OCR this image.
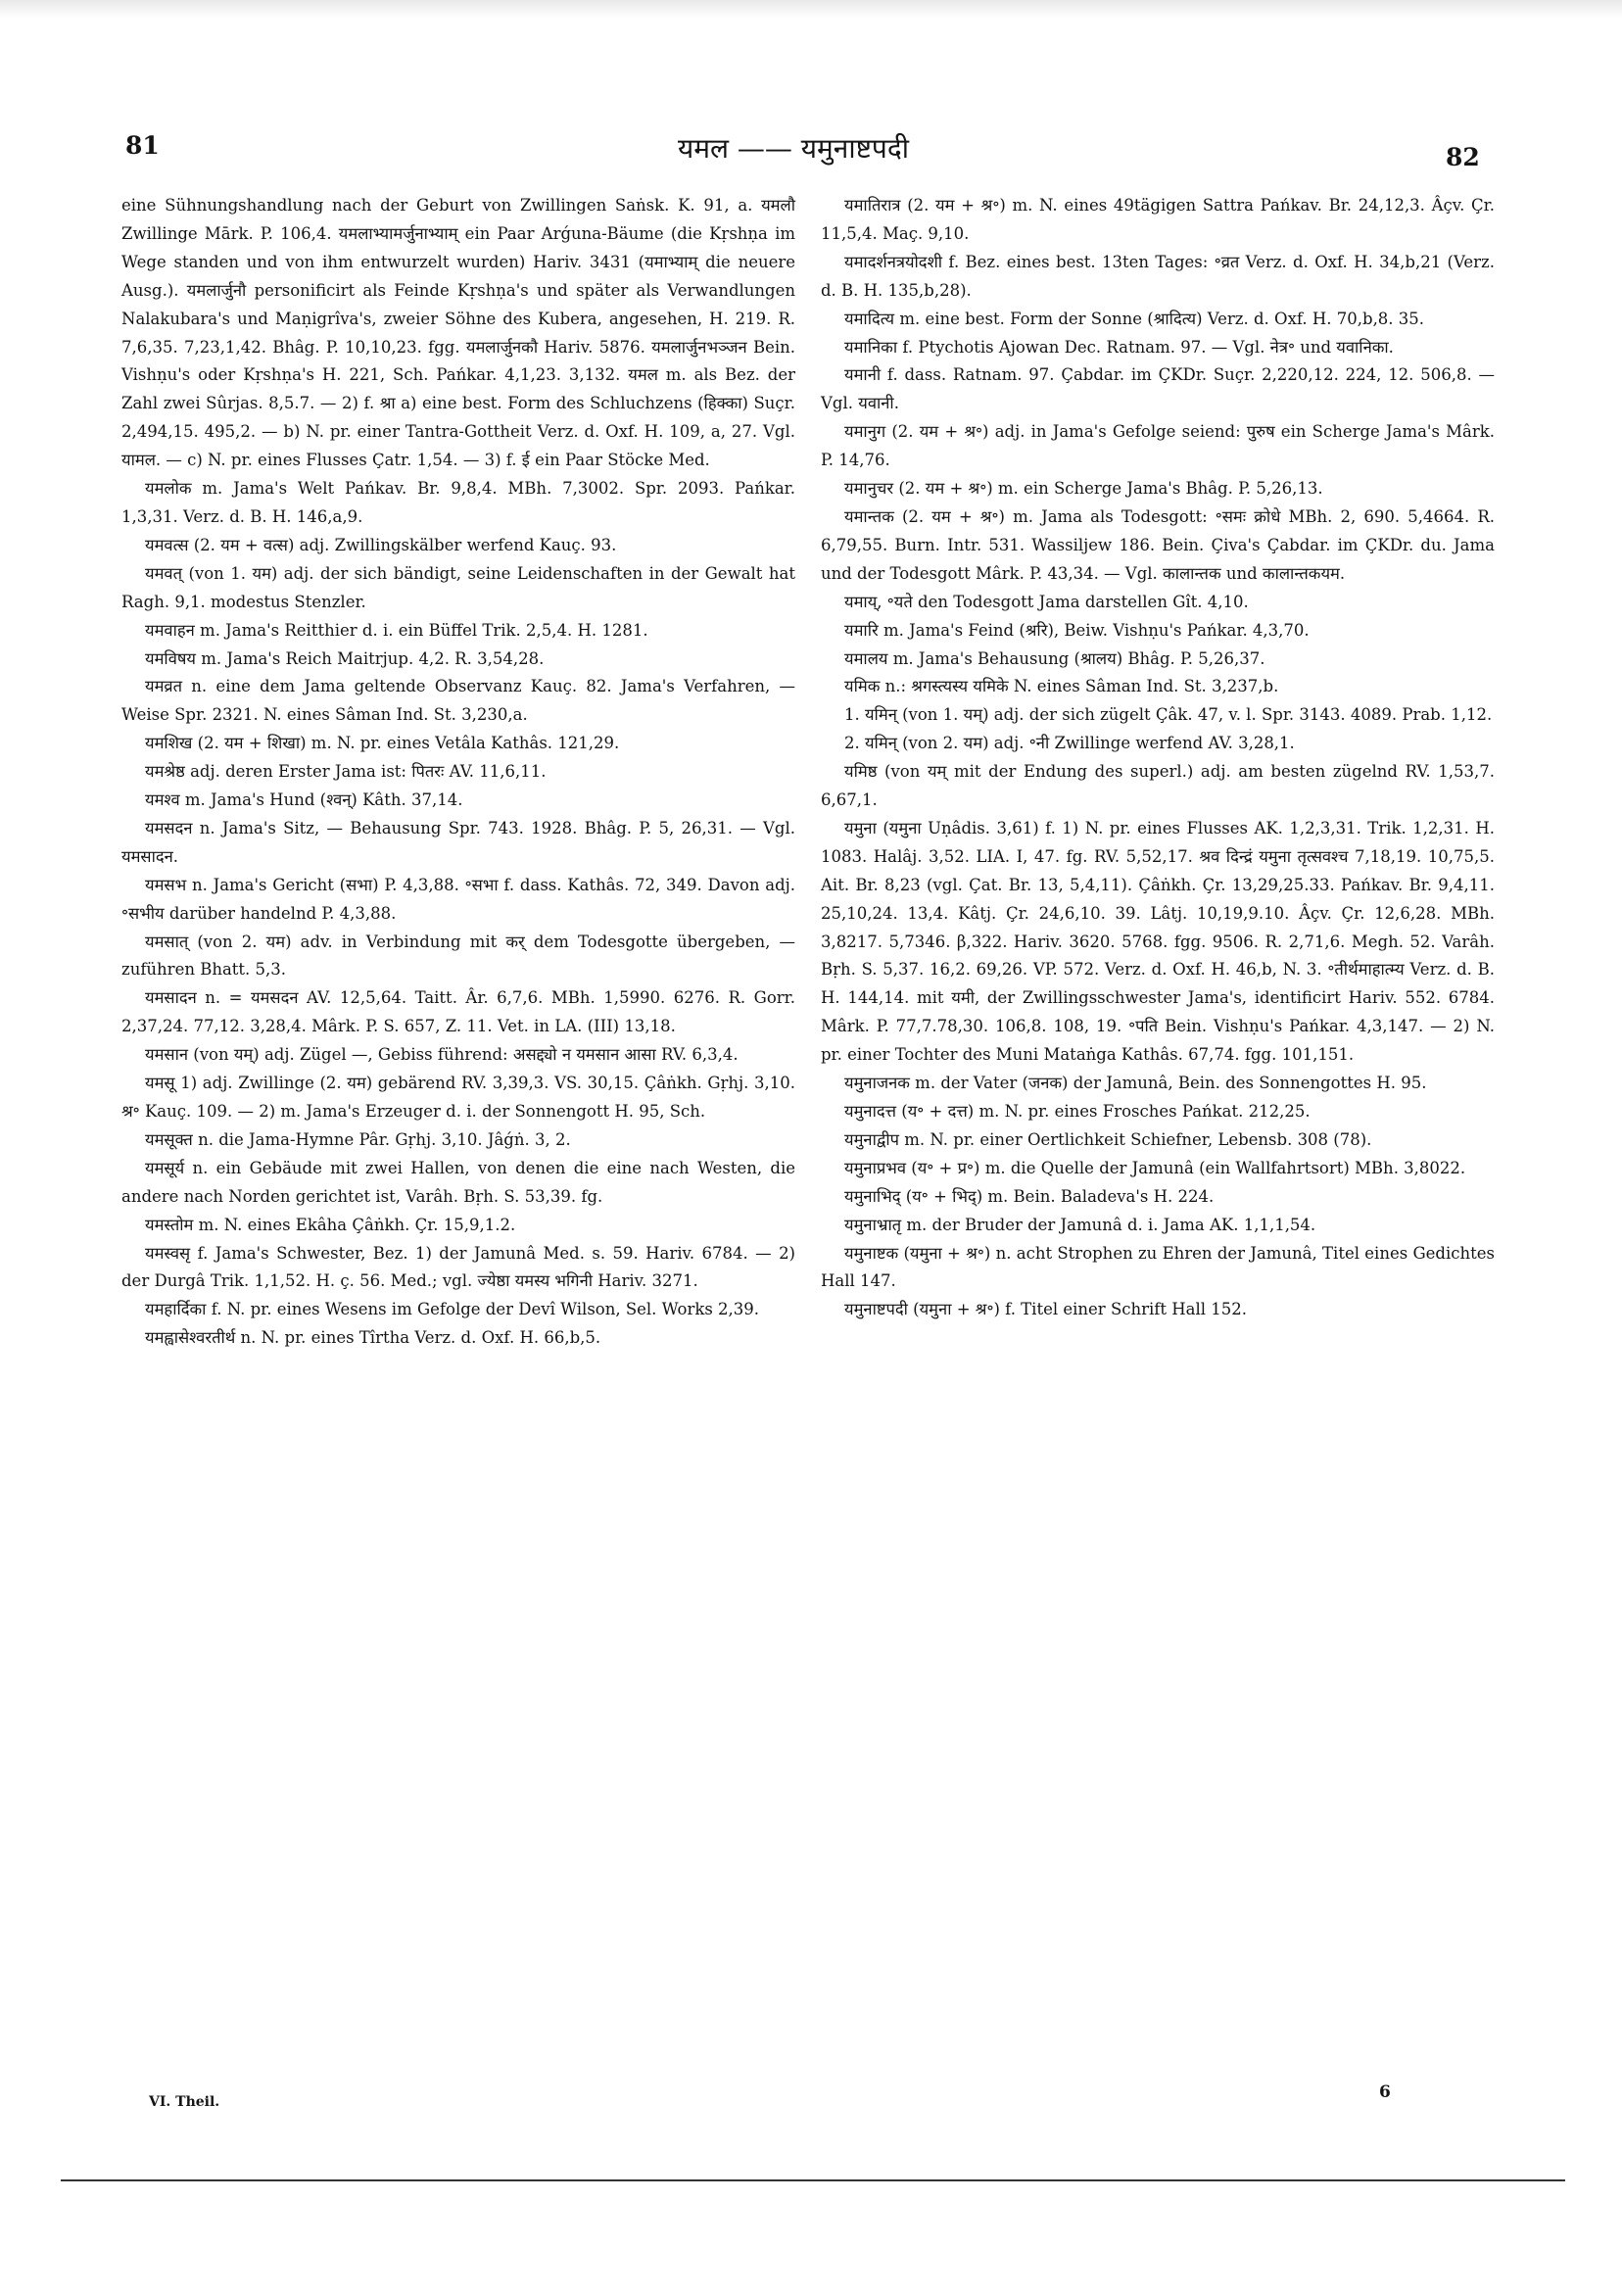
81	यमल —— यमुनाष्टपदी	82

eine Sühnungshandlung nach der Geburt von Zwillingen Saṅsk. K. 91, a. यमलौ Zwillinge Mārk. P. 106,4. यमलाभ्यामर्जुनाभ्याम् ein Paar Arǵuna-Bäume (die Kṛshṇa im Wege standen und von ihm entwurzelt wurden) Hariv. 3431 (यमाभ्याम् die neuere Ausg.). यमलार्जुनौ personificirt als Feinde Kṛshṇa's und später als Verwandlungen Nalakubara's und Maṇigrîva's, zweier Söhne des Kubera, angesehen, H. 219. R. 7,6,35. 7,23,1,42. Bhâg. P. 10,10,23. fgg. यमलार्जुनकौ Hariv. 5876. यमलार्जुनभञ्जन Bein. Vishṇu's oder Kṛshṇa's H. 221, Sch. Pańkar. 4,1,23. 3,132. यमल m. als Bez. der Zahl zwei Sûrjas. 8,5.7. — 2) f. श्रा a) eine best. Form des Schluchzens (हिक्का) Suçr. 2,494,15. 495,2. — b) N. pr. einer Tantra-Gottheit Verz. d. Oxf. H. 109, a, 27. Vgl. यामल. — c) N. pr. eines Flusses Çatr. 1,54. — 3) f. ई ein Paar Stöcke Med.

यमलोक m. Jama's Welt Pańkav. Br. 9,8,4. MBh. 7,3002. Spr. 2093. Pańkar. 1,3,31. Verz. d. B. H. 146,a,9.

यमवत्स (2. यम + वत्स) adj. Zwillingskälber werfend Kauç. 93.

यमवत् (von 1. यम) adj. der sich bändigt, seine Leidenschaften in der Gewalt hat Ragh. 9,1. modestus Stenzler.

यमवाहन m. Jama's Reitthier d. i. ein Büffel Trik. 2,5,4. H. 1281.

यमविषय m. Jama's Reich Maitrjup. 4,2. R. 3,54,28.

यमव्रत n. eine dem Jama geltende Observanz Kauç. 82. Jama's Verfahren, — Weise Spr. 2321. N. eines Sâman Ind. St. 3,230,a.

यमशिख (2. यम + शिखा) m. N. pr. eines Vetâla Kathâs. 121,29.

यमश्रेष्ठ adj. deren Erster Jama ist: पितरः AV. 11,6,11.

यमश्व m. Jama's Hund (श्वन्) Kâth. 37,14.

यमसदन n. Jama's Sitz, — Behausung Spr. 743. 1928. Bhâg. P. 5, 26,31. — Vgl. यमसादन.

यमसभ n. Jama's Gericht (सभा) P. 4,3,88. ॰सभा f. dass. Kathâs. 72, 349. Davon adj. ॰सभीय darüber handelnd P. 4,3,88.

यमसात् (von 2. यम) adv. in Verbindung mit कर् dem Todesgotte übergeben, — zuführen Bhatt. 5,3.

यमसादन n. = यमसदन AV. 12,5,64. Taitt. Âr. 6,7,6. MBh. 1,5990. 6276. R. Gorr. 2,37,24. 77,12. 3,28,4. Mârk. P. S. 657, Z. 11. Vet. in LA. (III) 13,18.

यमसान (von यम्) adj. Zügel —, Gebiss führend: असद्द्यो न यमसान आसा RV. 6,3,4.

यमसू 1) adj. Zwillinge (2. यम) gebärend RV. 3,39,3. VS. 30,15. Çâṅkh. Gṛhj. 3,10. श्र॰ Kauç. 109. — 2) m. Jama's Erzeuger d. i. der Sonnengott H. 95, Sch.

यमसूक्त n. die Jama-Hymne Pâr. Gṛhj. 3,10. Jâǵṅ. 3, 2.

यमसूर्य n. ein Gebäude mit zwei Hallen, von denen die eine nach Westen, die andere nach Norden gerichtet ist, Varâh. Bṛh. S. 53,39. fg.

यमस्तोम m. N. eines Ekâha Çâṅkh. Çr. 15,9,1.2.

यमस्वसृ f. Jama's Schwester, Bez. 1) der Jamunâ Med. s. 59. Hariv. 6784. — 2) der Durgâ Trik. 1,1,52. H. ç. 56. Med.; vgl. ज्येष्ठा यमस्य भगिनी Hariv. 3271.

यमहार्दिका f. N. pr. eines Wesens im Gefolge der Devî Wilson, Sel. Works 2,39.

यमह्वासेश्वरतीर्थ n. N. pr. eines Tîrtha Verz. d. Oxf. H. 66,b,5.

यमातिरात्र (2. यम + श्र॰) m. N. eines 49tägigen Sattra Pańkav. Br. 24,12,3. Âçv. Çr. 11,5,4. Maç. 9,10.

यमादर्शनत्रयोदशी f. Bez. eines best. 13ten Tages: ॰व्रत Verz. d. Oxf. H. 34,b,21 (Verz. d. B. H. 135,b,28).

यमादित्य m. eine best. Form der Sonne (श्रादित्य) Verz. d. Oxf. H. 70,b,8. 35.

यमानिका f. Ptychotis Ajowan Dec. Ratnam. 97. — Vgl. नेत्र॰ und यवानिका.

यमानी f. dass. Ratnam. 97. Çabdar. im ÇKDr. Suçr. 2,220,12. 224, 12. 506,8. — Vgl. यवानी.

यमानुग (2. यम + श्र॰) adj. in Jama's Gefolge seiend: पुरुष ein Scherge Jama's Mârk. P. 14,76.

यमानुचर (2. यम + श्र॰) m. ein Scherge Jama's Bhâg. P. 5,26,13.

यमान्तक (2. यम + श्र॰) m. Jama als Todesgott: ॰समः क्रोधे MBh. 2, 690. 5,4664. R. 6,79,55. Burn. Intr. 531. Wassiljew 186. Bein. Çiva's Çabdar. im ÇKDr. du. Jama und der Todesgott Mârk. P. 43,34. — Vgl. कालान्तक und कालान्तकयम.

यमाय्, ॰यते den Todesgott Jama darstellen Gît. 4,10.

यमारि m. Jama's Feind (श्ररि), Beiw. Vishṇu's Pańkar. 4,3,70.

यमालय m. Jama's Behausung (श्रालय) Bhâg. P. 5,26,37.

यमिक n.: श्रगस्त्यस्य यमिके N. eines Sâman Ind. St. 3,237,b.

1. यमिन् (von 1. यम्) adj. der sich zügelt Çâk. 47, v. l. Spr. 3143. 4089. Prab. 1,12.

2. यमिन् (von 2. यम) adj. ॰नी Zwillinge werfend AV. 3,28,1.

यमिष्ठ (von यम् mit der Endung des superl.) adj. am besten zügelnd RV. 1,53,7. 6,67,1.

यमुना (यमुना Uṇâdis. 3,61) f. 1) N. pr. eines Flusses AK. 1,2,3,31. Trik. 1,2,31. H. 1083. Halâj. 3,52. LIA. I, 47. fg. RV. 5,52,17. श्रव दिन्द्रं यमुना तृत्सवश्च 7,18,19. 10,75,5. Ait. Br. 8,23 (vgl. Çat. Br. 13, 5,4,11). Çâṅkh. Çr. 13,29,25.33. Pańkav. Br. 9,4,11. 25,10,24. 13,4. Kâtj. Çr. 24,6,10. 39. Lâtj. 10,19,9.10. Âçv. Çr. 12,6,28. MBh. 3,8217. 5,7346. β,322. Hariv. 3620. 5768. fgg. 9506. R. 2,71,6. Megh. 52. Varâh. Bṛh. S. 5,37. 16,2. 69,26. VP. 572. Verz. d. Oxf. H. 46,b, N. 3. ॰तीर्थमाहात्म्य Verz. d. B. H. 144,14. mit यमी, der Zwillingsschwester Jama's, identificirt Hariv. 552. 6784. Mârk. P. 77,7.78,30. 106,8. 108, 19. ॰पति Bein. Vishṇu's Pańkar. 4,3,147. — 2) N. pr. einer Tochter des Muni Mataṅga Kathâs. 67,74. fgg. 101,151.

यमुनाजनक m. der Vater (जनक) der Jamunâ, Bein. des Sonnengottes H. 95.

यमुनादत्त (य॰ + दत्त) m. N. pr. eines Frosches Pańkat. 212,25.

यमुनाद्वीप m. N. pr. einer Oertlichkeit Schiefner, Lebensb. 308 (78).

यमुनाप्रभव (य॰ + प्र॰) m. die Quelle der Jamunâ (ein Wallfahrtsort) MBh. 3,8022.

यमुनाभिद् (य॰ + भिद्) m. Bein. Baladeva's H. 224.

यमुनाभ्रातृ m. der Bruder der Jamunâ d. i. Jama AK. 1,1,1,54.

यमुनाष्टक (यमुना + श्र॰) n. acht Strophen zu Ehren der Jamunâ, Titel eines Gedichtes Hall 147.

यमुनाष्टपदी (यमुना + श्र॰) f. Titel einer Schrift Hall 152.

VI. Theil.	6
